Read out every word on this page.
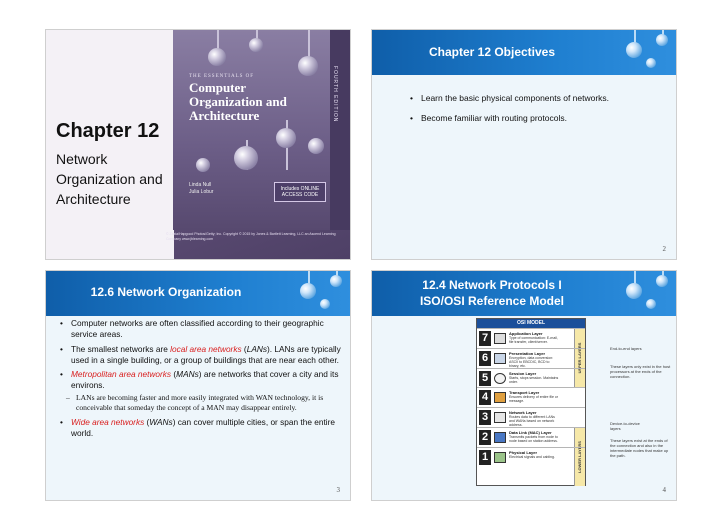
Chapter 12
Network Organization and Architecture
THE ESSENTIALS OF
Computer Organization and Architecture
Linda Null
Julia Lobur	Includes ONLINE ACCESS CODE
FOURTH EDITION
© Zaxia/Hapgood Photos/Getty; Inc. Copyright © 2015 by Jones & Bartlett Learning, LLC an Ascend Learning Company www.jblearning.com
Chapter 12 Objectives
• Learn the basic physical components of networks.
• Become familiar with routing protocols.
2
12.6 Network Organization
• Computer networks are often classified according to their geographic service areas.
• The smallest networks are local area networks (LANs). LANs are typically used in a single building, or a group of buildings that are near each other.
• Metropolitan area networks (MANs) are networks that cover a city and its environs.
– LANs are becoming faster and more easily integrated with WAN technology, it is conceivable that someday the concept of a MAN may disappear entirely.
• Wide area networks (WANs) can cover multiple cities, or span the entire world.
3
12.4 Network Protocols I
ISO/OSI Reference Model
OSI MODEL
UPPER LAYERS
LOWER LAYERS
7	Application Layer
Type of communication: E-mail, file transfer, client/server.
6	Presentation Layer
Encryption, data conversion: ASCII to EBCDIC, BCD to binary, etc.
5	Session Layer
Starts, stops session. Maintains order.
4	Transport Layer
Ensures delivery of entire file or message.
3	Network Layer
Routes data to different LANs and WANs based on network address.
2	Data Link (MAC) Layer
Transmits packets from node to node based on station address.
1	Physical Layer
Electrical signals and cabling.
End-to-end layers
These layers only exist in the host processors at the ends of the connection.
Device-to-device layers
These layers exist at the ends of the connection and also in the intermediate nodes that make up the path.
4
